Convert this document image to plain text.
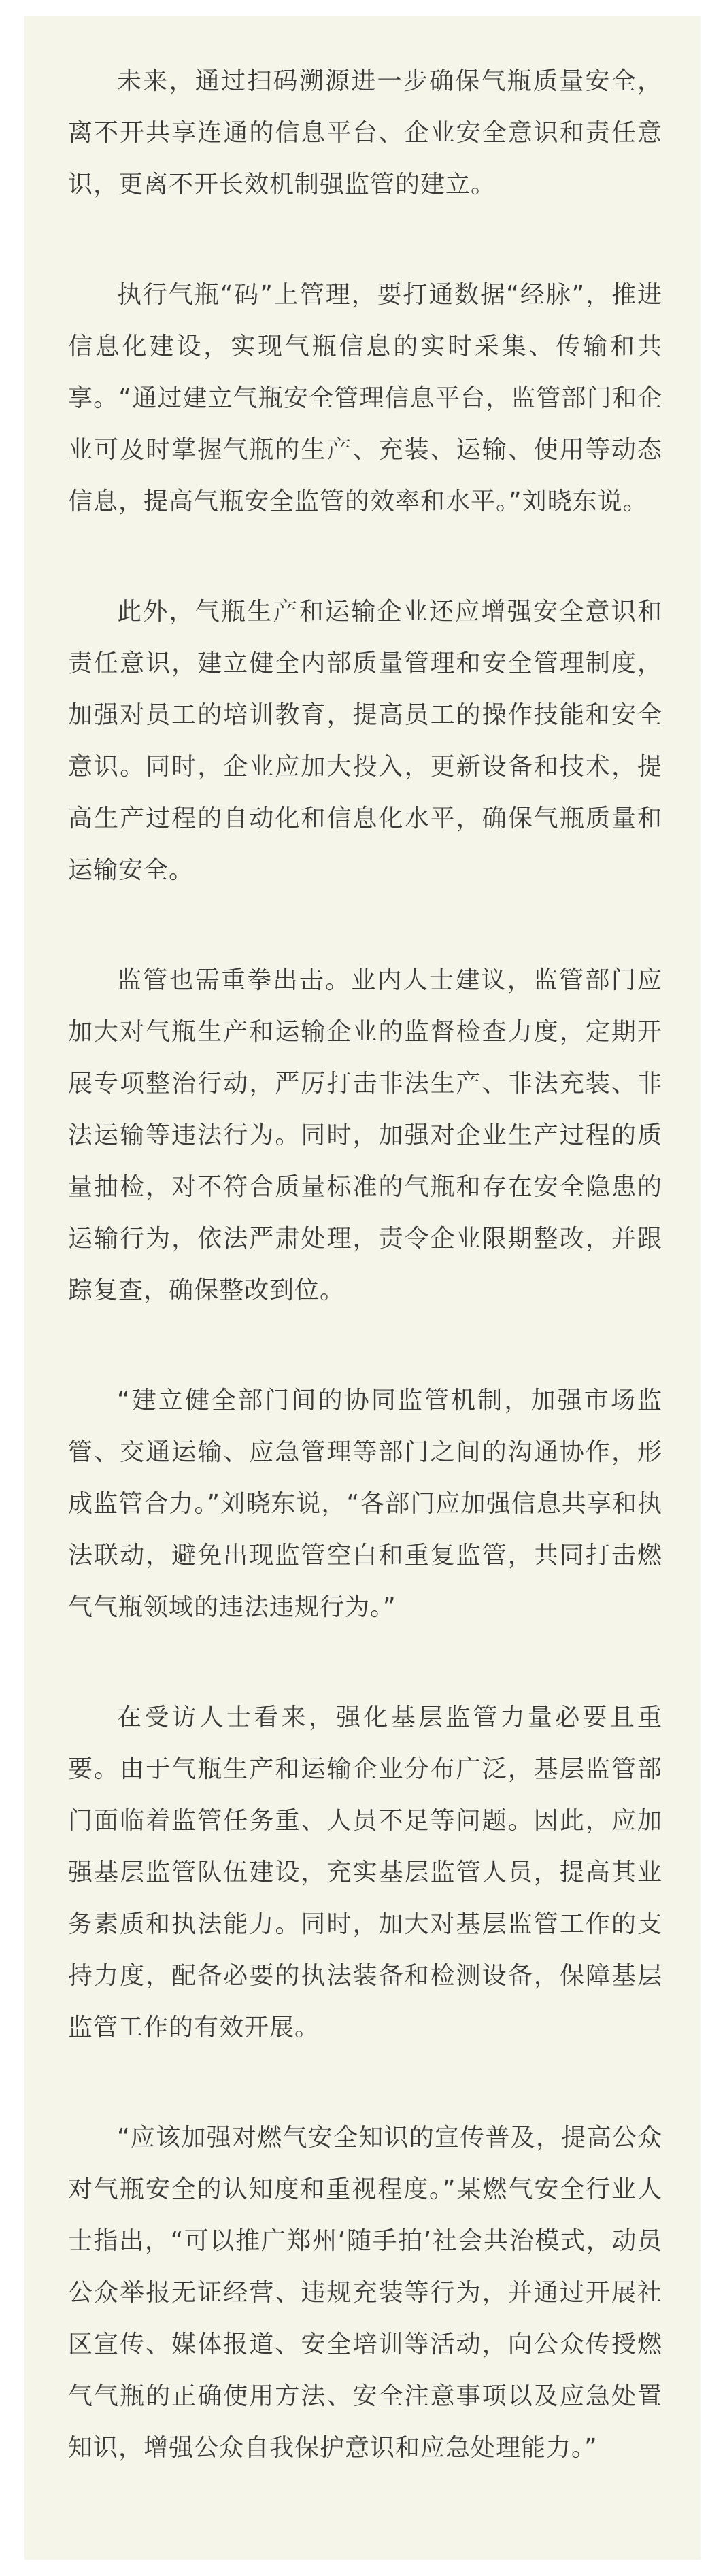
未来，通过扫码溯源进一步确保气瓶质量安全，离不开共享连通的信息平台、企业安全意识和责任意识，更离不开长效机制强监管的建立。

执行气瓶“码”上管理，要打通数据“经脉”，推进信息化建设，实现气瓶信息的实时采集、传输和共享。“通过建立气瓶安全管理信息平台，监管部门和企业可及时掌握气瓶的生产、充装、运输、使用等动态信息，提高气瓶安全监管的效率和水平。”刘晓东说。

此外，气瓶生产和运输企业还应增强安全意识和责任意识，建立健全内部质量管理和安全管理制度，加强对员工的培训教育，提高员工的操作技能和安全意识。同时，企业应加大投入，更新设备和技术，提高生产过程的自动化和信息化水平，确保气瓶质量和运输安全。

监管也需重拳出击。业内人士建议，监管部门应加大对气瓶生产和运输企业的监督检查力度，定期开展专项整治行动，严厉打击非法生产、非法充装、非法运输等违法行为。同时，加强对企业生产过程的质量抽检，对不符合质量标准的气瓶和存在安全隐患的运输行为，依法严肃处理，责令企业限期整改，并跟踪复查，确保整改到位。

“建立健全部门间的协同监管机制，加强市场监管、交通运输、应急管理等部门之间的沟通协作，形成监管合力。”刘晓东说，“各部门应加强信息共享和执法联动，避免出现监管空白和重复监管，共同打击燃气气瓶领域的违法违规行为。”

在受访人士看来，强化基层监管力量必要且重要。由于气瓶生产和运输企业分布广泛，基层监管部门面临着监管任务重、人员不足等问题。因此，应加强基层监管队伍建设，充实基层监管人员，提高其业务素质和执法能力。同时，加大对基层监管工作的支持力度，配备必要的执法装备和检测设备，保障基层监管工作的有效开展。

“应该加强对燃气安全知识的宣传普及，提高公众对气瓶安全的认知度和重视程度。”某燃气安全行业人士指出，“可以推广郑州‘随手拍’社会共治模式，动员公众举报无证经营、违规充装等行为，并通过开展社区宣传、媒体报道、安全培训等活动，向公众传授燃气气瓶的正确使用方法、安全注意事项以及应急处置知识，增强公众自我保护意识和应急处理能力。”
